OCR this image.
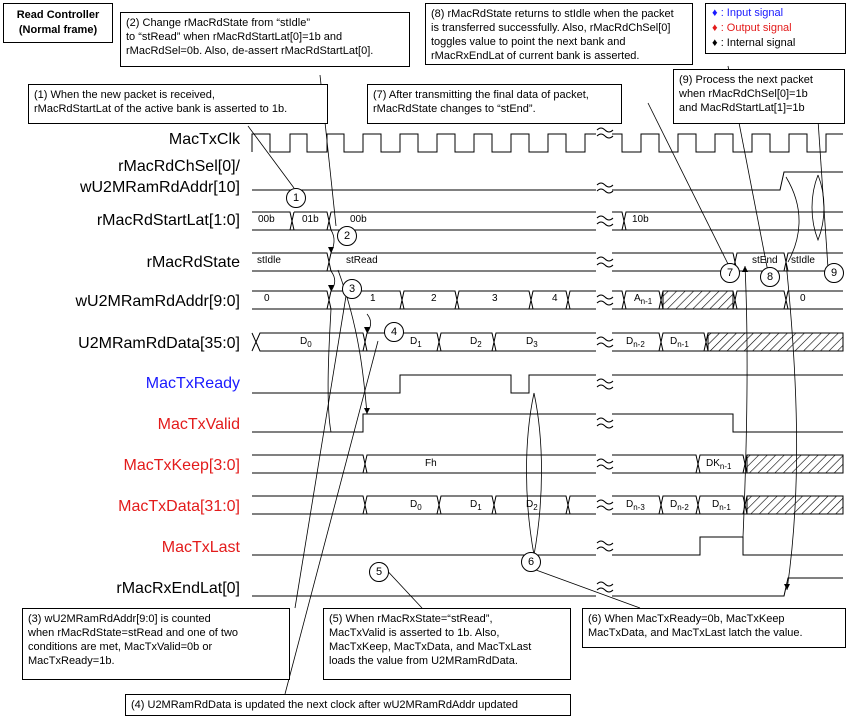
Read Controller
(Normal frame)
♦ : Input signal
♦ : Output signal
♦ : Internal signal
MacTxClk
rMacRdChSel[0]/
wU2MRamRdAddr[10]
rMacRdStartLat[1:0]
rMacRdState
wU2MRamRdAddr[9:0]
U2MRamRdData[35:0]
MacTxReady
MacTxValid
MacTxKeep[3:0]
MacTxData[31:0]
MacTxLast
rMacRxEndLat[0]
00b	01b	00b	10b
stIdle	stRead	stEnd stIdle
0	1	2	3	4	$A_{n-1}$	0
$D_0$	$D_1$	$D_2$	$D_3$	$D_{n-2}$	$D_{n-1}$
Fh	$DK_{n-1}$
$D_0$	$D_1$	$D_2$	$D_{n-3}$	$D_{n-2}$ $D_{n-1}$
1
2
3
4
5
6
7	8	9
(2) Change rMacRdState from “stIdle”
to “stRead” when rMacRdStartLat[0]=1b and
rMacRdSel=0b. Also, de-assert rMacRdStartLat[0].
(1) When the new packet is received,
rMacRdStartLat of the active bank is asserted to 1b.
(8) rMacRdState returns to stIdle when the packet
is transferred successfully. Also, rMacRdChSel[0]
toggles value to point the next bank and
rMacRxEndLat of current bank is asserted.
(7) After transmitting the final data of packet,
rMacRdState changes to “stEnd”.
(9) Process the next packet
when rMacRdChSel[0]=1b
and MacRdStartLat[1]=1b
(3) wU2MRamRdAddr[9:0] is counted
when rMacRdState=stRead and one of two
conditions are met, MacTxValid=0b or
MacTxReady=1b.
(5) When rMacRxState=“stRead”,
MacTxValid is asserted to 1b. Also,
MacTxKeep, MacTxData, and MacTxLast
loads the value from U2MRamRdData.
(6) When MacTxReady=0b, MacTxKeep
MacTxData, and MacTxLast latch the value.
(4) U2MRamRdData is updated the next clock after wU2MRamRdAddr updated
